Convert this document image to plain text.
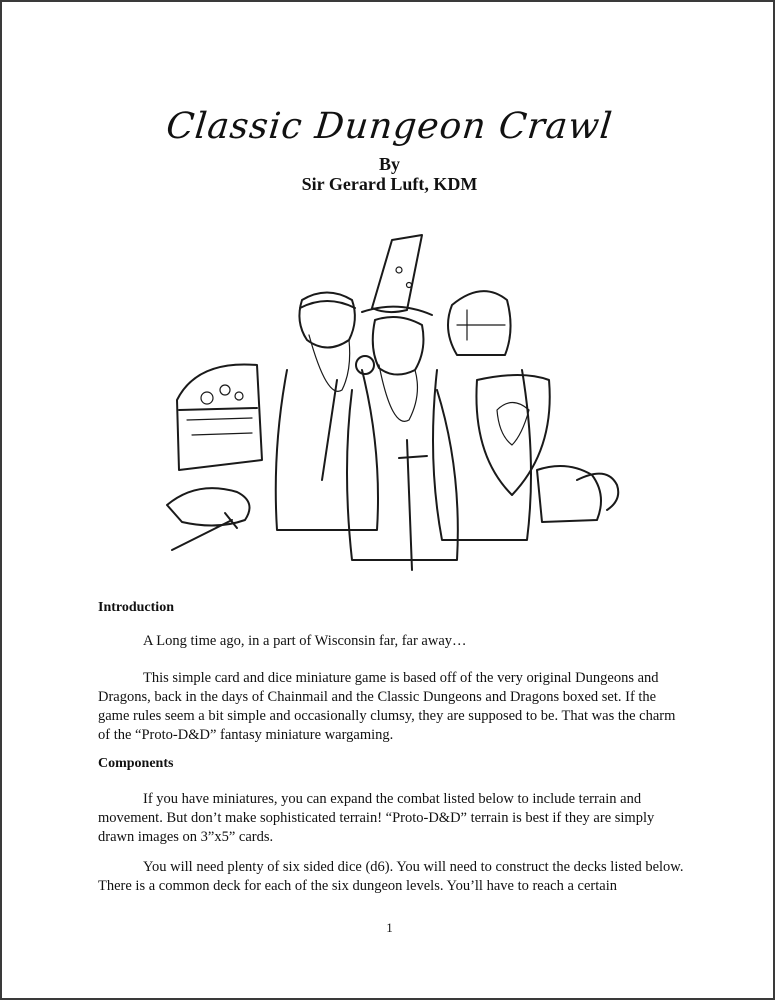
Classic Dungeon Crawl
By
Sir Gerard Luft, KDM
Introduction
A Long time ago, in a part of Wisconsin far, far away…
This simple card and dice miniature game is based off of the very original Dungeons and Dragons, back in the days of Chainmail and the Classic Dungeons and Dragons boxed set. If the game rules seem a bit simple and occasionally clumsy, they are supposed to be. That was the charm of the “Proto-D&D” fantasy miniature wargaming.
Components
If you have miniatures, you can expand the combat listed below to include terrain and movement. But don’t make sophisticated terrain! “Proto-D&D” terrain is best if they are simply drawn images on 3”x5” cards.
You will need plenty of six sided dice (d6). You will need to construct the decks listed below. There is a common deck for each of the six dungeon levels. You’ll have to reach a certain
1
